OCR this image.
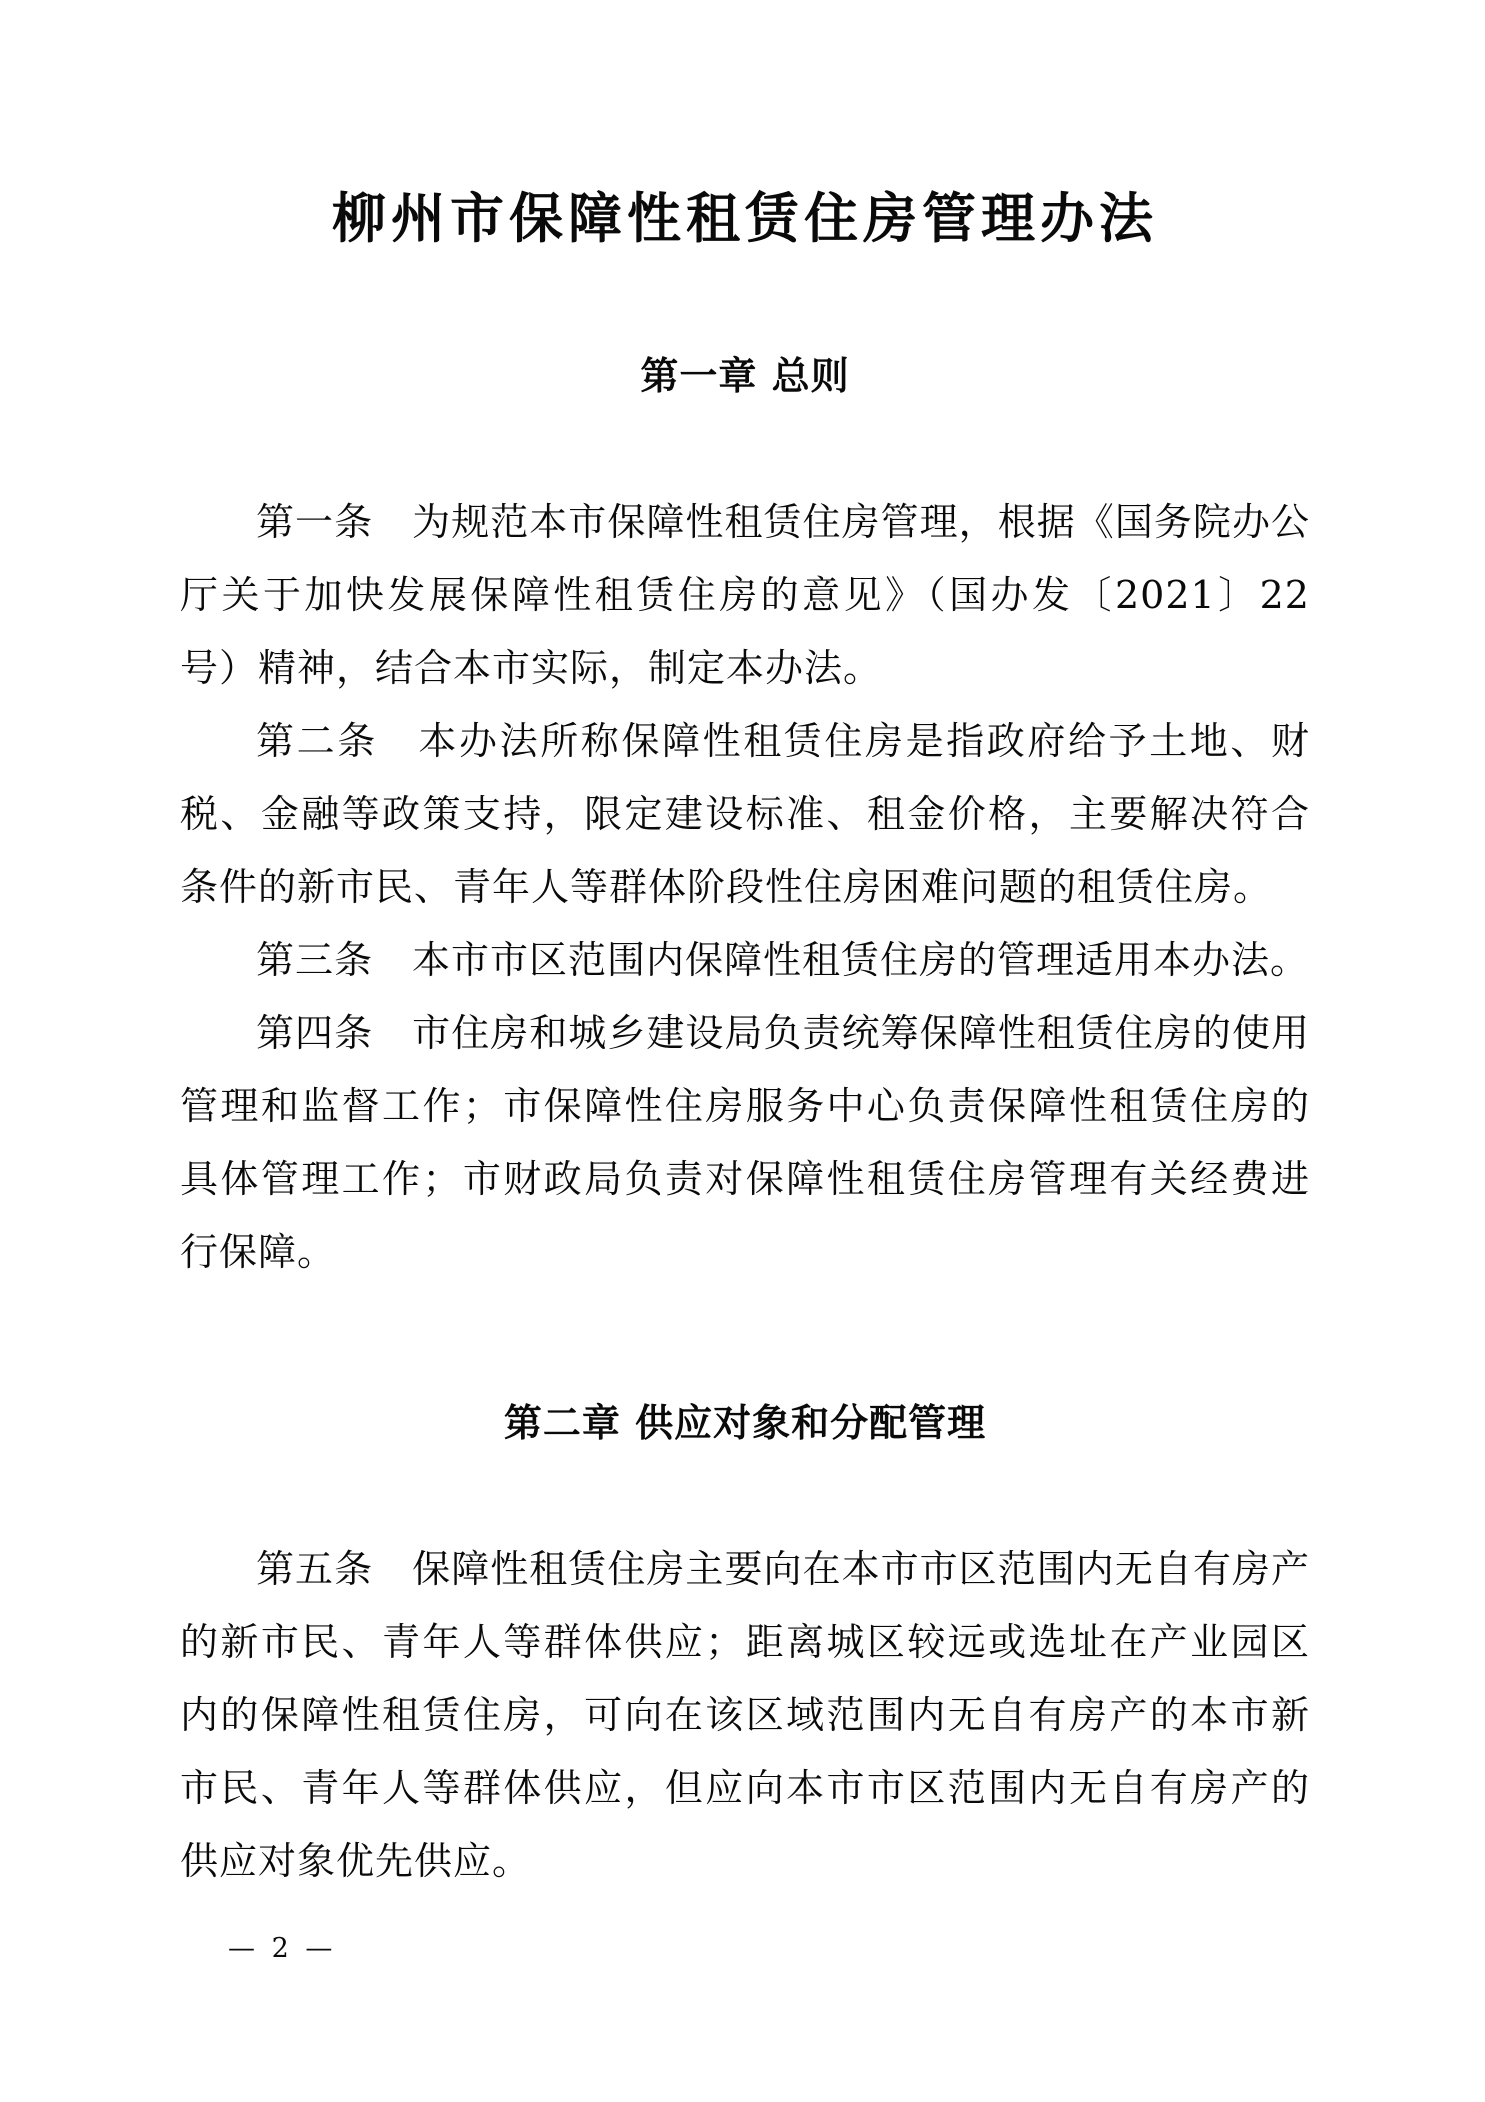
柳州市保障性租赁住房管理办法
第一章 总则

第一条　为规范本市保障性租赁住房管理，根据《国务院办公厅关于加快发展保障性租赁住房的意见》（国办发〔2021〕22 号）精神，结合本市实际，制定本办法。

第二条　本办法所称保障性租赁住房是指政府给予土地、财税、金融等政策支持，限定建设标准、租金价格，主要解决符合条件的新市民、青年人等群体阶段性住房困难问题的租赁住房。

第三条　本市市区范围内保障性租赁住房的管理适用本办法。

第四条　市住房和城乡建设局负责统筹保障性租赁住房的使用管理和监督工作；市保障性住房服务中心负责保障性租赁住房的具体管理工作；市财政局负责对保障性租赁住房管理有关经费进行保障。

第二章 供应对象和分配管理

第五条　保障性租赁住房主要向在本市市区范围内无自有房产的新市民、青年人等群体供应；距离城区较远或选址在产业园区内的保障性租赁住房，可向在该区域范围内无自有房产的本市新市民、青年人等群体供应，但应向本市市区范围内无自有房产的供应对象优先供应。

— 2 —
